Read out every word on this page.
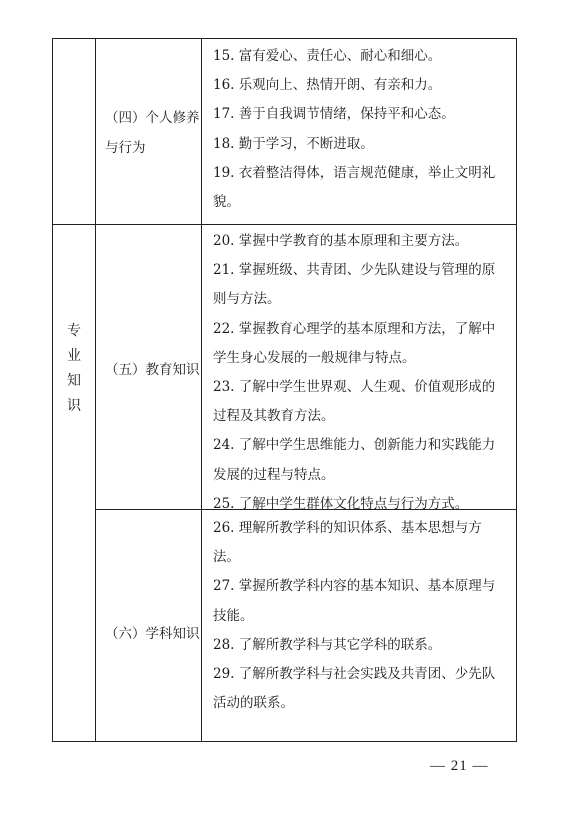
专
业
知
识
（四）个人修养
与行为

15. 富有爱心、责任心、耐心和细心。

16. 乐观向上、热情开朗、有亲和力。

17. 善于自我调节情绪，保持平和心态。

18. 勤于学习，不断进取。

19. 衣着整洁得体，语言规范健康，举止文明礼

貌。

（五）教育知识

20. 掌握中学教育的基本原理和主要方法。

21. 掌握班级、共青团、少先队建设与管理的原

则与方法。

22. 掌握教育心理学的基本原理和方法，了解中

学生身心发展的一般规律与特点。

23. 了解中学生世界观、人生观、价值观形成的

过程及其教育方法。

24. 了解中学生思维能力、创新能力和实践能力

发展的过程与特点。

25. 了解中学生群体文化特点与行为方式。

（六）学科知识

26. 理解所教学科的知识体系、基本思想与方

法。

27. 掌握所教学科内容的基本知识、基本原理与

技能。

28. 了解所教学科与其它学科的联系。

29. 了解所教学科与社会实践及共青团、少先队

活动的联系。

— 21 —
